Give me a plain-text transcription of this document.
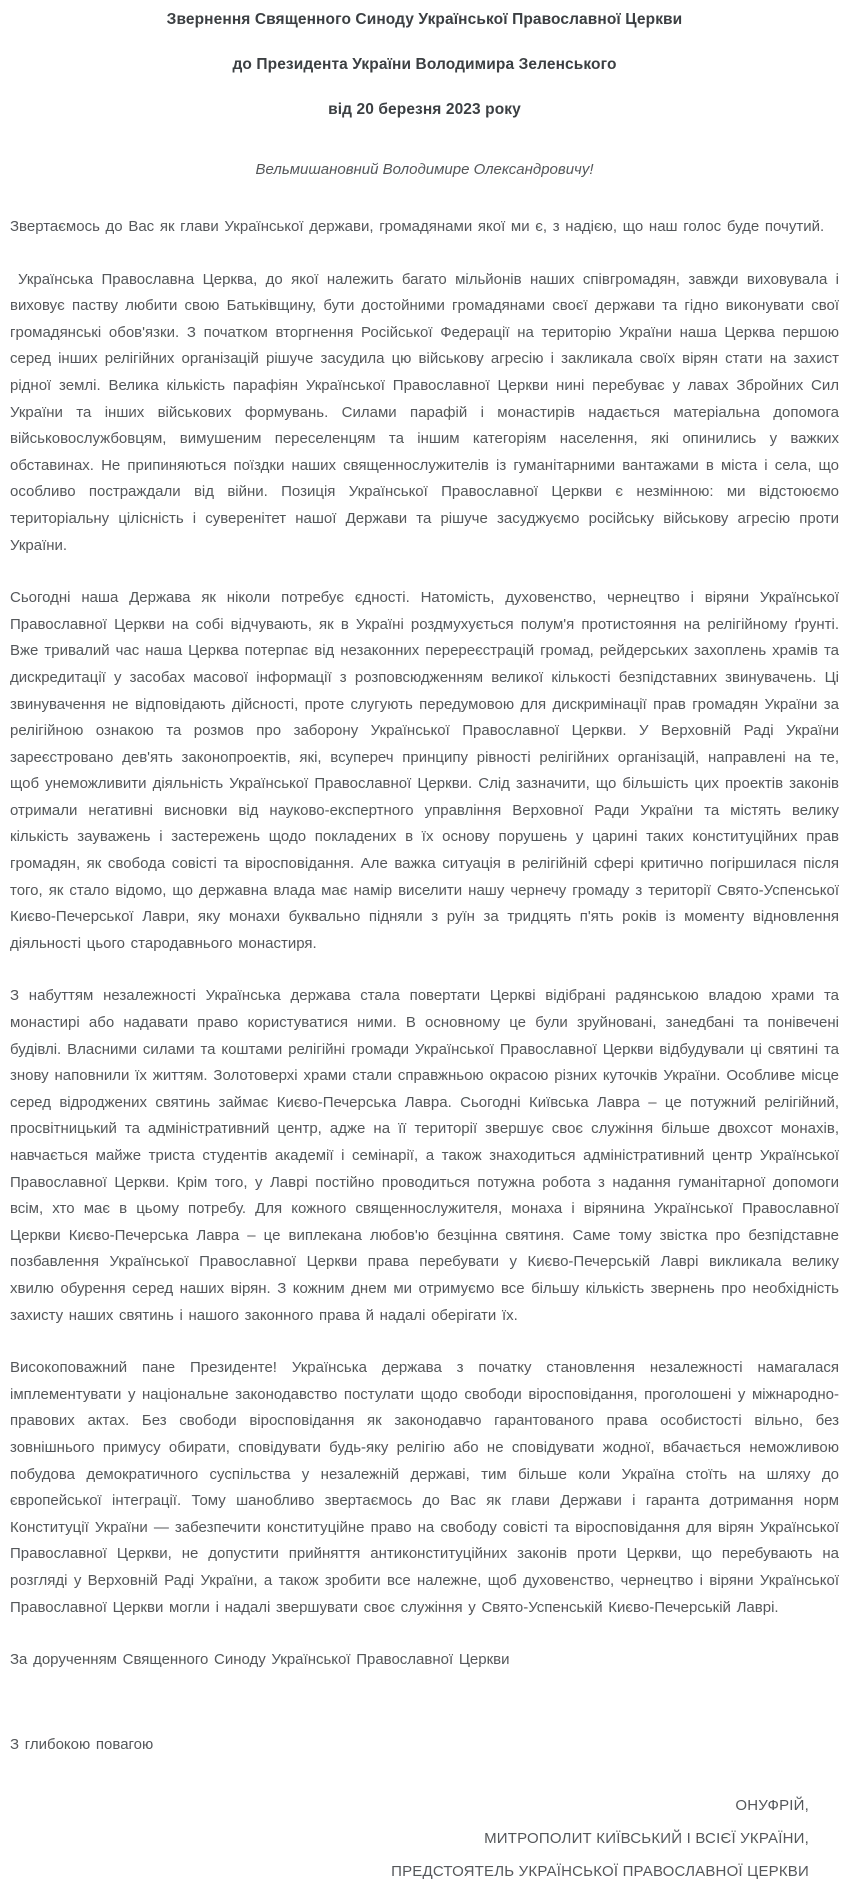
Звернення Священного Синоду Української Православної Церкви

до Президента України Володимира Зеленського

від 20 березня 2023 року

Вельмишановний Володимире Олександровичу!

Звертаємось до Вас як глави Української держави, громадянами якої ми є, з надією, що наш голос буде почутий.

Українська Православна Церква, до якої належить багато мільйонів наших співгромадян, завжди виховувала і виховує паству любити свою Батьківщину, бути достойними громадянами своєї держави та гідно виконувати свої громадянські обов'язки. З початком вторгнення Російської Федерації на територію України наша Церква першою серед інших релігійних організацій рішуче засудила цю військову агресію і закликала своїх вірян стати на захист рідної землі. Велика кількість парафіян Української Православної Церкви нині перебуває у лавах Збройних Сил України та інших військових формувань. Силами парафій і монастирів надається матеріальна допомога військовослужбовцям, вимушеним переселенцям та іншим категоріям населення, які опинились у важких обставинах. Не припиняються поїздки наших священнослужителів із гуманітарними вантажами в міста і села, що особливо постраждали від війни. Позиція Української Православної Церкви є незмінною: ми відстоюємо територіальну цілісність і суверенітет нашої Держави та рішуче засуджуємо російську військову агресію проти України.

Сьогодні наша Держава як ніколи потребує єдності. Натомість, духовенство, чернецтво і віряни Української Православної Церкви на собі відчувають, як в Україні роздмухується полум'я протистояння на релігійному ґрунті. Вже тривалий час наша Церква потерпає від незаконних перереєстрацій громад, рейдерських захоплень храмів та дискредитації у засобах масової інформації з розповсюдженням великої кількості безпідставних звинувачень. Ці звинувачення не відповідають дійсності, проте слугують передумовою для дискримінації прав громадян України за релігійною ознакою та розмов про заборону Української Православної Церкви. У Верховній Раді України зареєстровано дев'ять законопроектів, які, всупереч принципу рівності релігійних організацій, направлені на те, щоб унеможливити діяльність Української Православної Церкви. Слід зазначити, що більшість цих проектів законів отримали негативні висновки від науково-експертного управління Верховної Ради України та містять велику кількість зауважень і застережень щодо покладених в їх основу порушень у царині таких конституційних прав громадян, як свобода совісті та віросповідання. Але важка ситуація в релігійній сфері критично погіршилася після того, як стало відомо, що державна влада має намір виселити нашу чернечу громаду з території Свято-Успенської Києво-Печерської Лаври, яку монахи буквально підняли з руїн за тридцять п'ять років із моменту відновлення діяльності цього стародавнього монастиря.

З набуттям незалежності Українська держава стала повертати Церкві відібрані радянською владою храми та монастирі або надавати право користуватися ними. В основному це були зруйновані, занедбані та понівечені будівлі. Власними силами та коштами релігійні громади Української Православної Церкви відбудували ці святині та знову наповнили їх життям. Золотоверхі храми стали справжньою окрасою різних куточків України. Особливе місце серед відроджених святинь займає Києво-Печерська Лавра. Сьогодні Київська Лавра – це потужний релігійний, просвітницький та адміністративний центр, адже на її території звершує своє служіння більше двохсот монахів, навчається майже триста студентів академії і семінарії, а також знаходиться адміністративний центр Української Православної Церкви. Крім того, у Лаврі постійно проводиться потужна робота з надання гуманітарної допомоги всім, хто має в цьому потребу. Для кожного священнослужителя, монаха і вірянина Української Православної Церкви Києво-Печерська Лавра – це виплекана любов'ю безцінна святиня. Саме тому звістка про безпідставне позбавлення Української Православної Церкви права перебувати у Києво-Печерській Лаврі викликала велику хвилю обурення серед наших вірян. З кожним днем ми отримуємо все більшу кількість звернень про необхідність захисту наших святинь і нашого законного права й надалі оберігати їх.

Високоповажний пане Президенте! Українська держава з початку становлення незалежності намагалася імплементувати у національне законодавство постулати щодо свободи віросповідання, проголошені у міжнародно-правових актах. Без свободи віросповідання як законодавчо гарантованого права особистості вільно, без зовнішнього примусу обирати, сповідувати будь-яку релігію або не сповідувати жодної, вбачається неможливою побудова демократичного суспільства у незалежній державі, тим більше коли Україна стоїть на шляху до європейської інтеграції. Тому шанобливо звертаємось до Вас як глави Держави і гаранта дотримання норм Конституції України — забезпечити конституційне право на свободу совісті та віросповідання для вірян Української Православної Церкви, не допустити прийняття антиконституційних законів проти Церкви, що перебувають на розгляді у Верховній Раді України, а також зробити все належне, щоб духовенство, чернецтво і віряни Української Православної Церкви могли і надалі звершувати своє служіння у Свято-Успенській Києво-Печерській Лаврі.

За дорученням Священного Синоду Української Православної Церкви

З глибокою повагою

ОНУФРІЙ,

МИТРОПОЛИТ КИЇВСЬКИЙ І ВСІЄЇ УКРАЇНИ,

ПРЕДСТОЯТЕЛЬ УКРАЇНСЬКОЇ ПРАВОСЛАВНОЇ ЦЕРКВИ
